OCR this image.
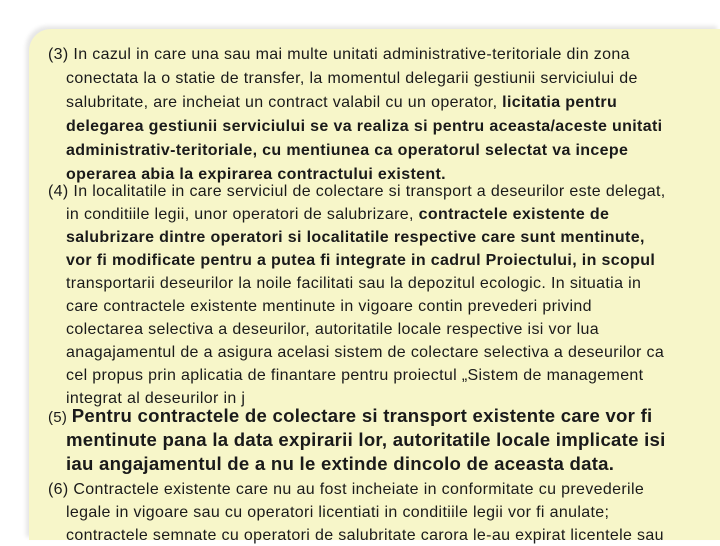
(3) In cazul in care una sau mai multe unitati administrative-teritoriale din zona
conectata la o statie de transfer, la momentul delegarii gestiunii serviciului de
salubritate, are incheiat un contract valabil cu un operator, licitatia pentru
delegarea gestiunii serviciului se va realiza si pentru aceasta/aceste unitati
administrativ-teritoriale, cu mentiunea ca operatorul selectat va incepe
operarea abia la expirarea contractului existent.
(4) In localitatile in care serviciul de colectare si transport a deseurilor este delegat,
in conditiile legii, unor operatori de salubrizare, contractele existente de
salubrizare dintre operatori si localitatile respective care sunt mentinute,
vor fi modificate pentru a putea fi integrate in cadrul Proiectului, in scopul
transportarii deseurilor la noile facilitati sau la depozitul ecologic. In situatia in
care contractele existente mentinute in vigoare contin prevederi privind
colectarea selectiva a deseurilor, autoritatile locale respective isi vor lua
anagajamentul de a asigura acelasi sistem de colectare selectiva a deseurilor ca
cel propus prin aplicatia de finantare pentru proiectul „Sistem de management
integrat al deseurilor in j
(5) Pentru contractele de colectare si transport existente care vor fi
mentinute pana la data expirarii lor, autoritatile locale implicate isi
iau angajamentul de a nu le extinde dincolo de aceasta data.
(6) Contractele existente care nu au fost incheiate in conformitate cu prevederile
legale in vigoare sau cu operatori licentiati in conditiile legii vor fi anulate;
contractele semnate cu operatori de salubritate carora le-au expirat licentele sau
